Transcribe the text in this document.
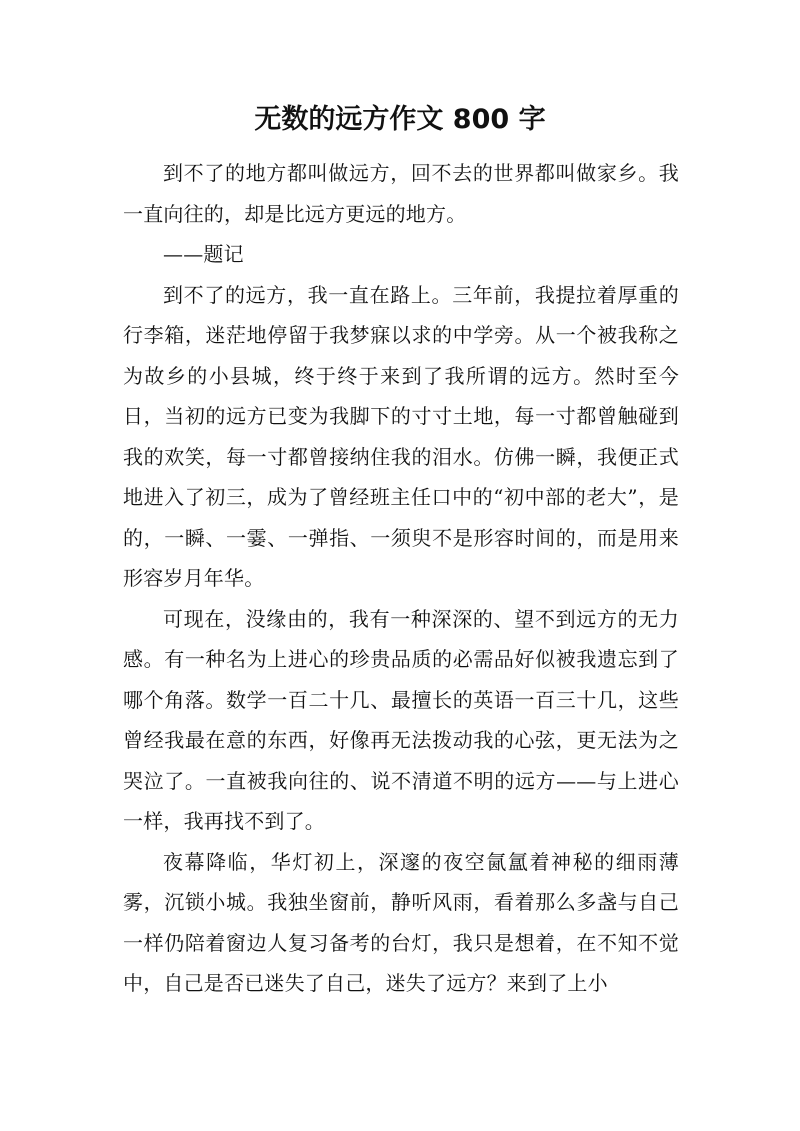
无数的远方作文 800 字

到不了的地方都叫做远方，回不去的世界都叫做家乡。我一直向往的，却是比远方更远的地方。

——题记

到不了的远方，我一直在路上。三年前，我提拉着厚重的行李箱，迷茫地停留于我梦寐以求的中学旁。从一个被我称之为故乡的小县城，终于终于来到了我所谓的远方。然时至今日，当初的远方已变为我脚下的寸寸土地，每一寸都曾触碰到我的欢笑，每一寸都曾接纳住我的泪水。仿佛一瞬，我便正式地进入了初三，成为了曾经班主任口中的“初中部的老大”，是的，一瞬、一霎、一弹指、一须臾不是形容时间的，而是用来形容岁月年华。

可现在，没缘由的，我有一种深深的、望不到远方的无力感。有一种名为上进心的珍贵品质的必需品好似被我遗忘到了哪个角落。数学一百二十几、最擅长的英语一百三十几，这些曾经我最在意的东西，好像再无法拨动我的心弦，更无法为之哭泣了。一直被我向往的、说不清道不明的远方——与上进心一样，我再找不到了。

夜幕降临，华灯初上，深邃的夜空氤氲着神秘的细雨薄雾，沉锁小城。我独坐窗前，静听风雨，看着那么多盏与自己一样仍陪着窗边人复习备考的台灯，我只是想着，在不知不觉中，自己是否已迷失了自己，迷失了远方？来到了上小
